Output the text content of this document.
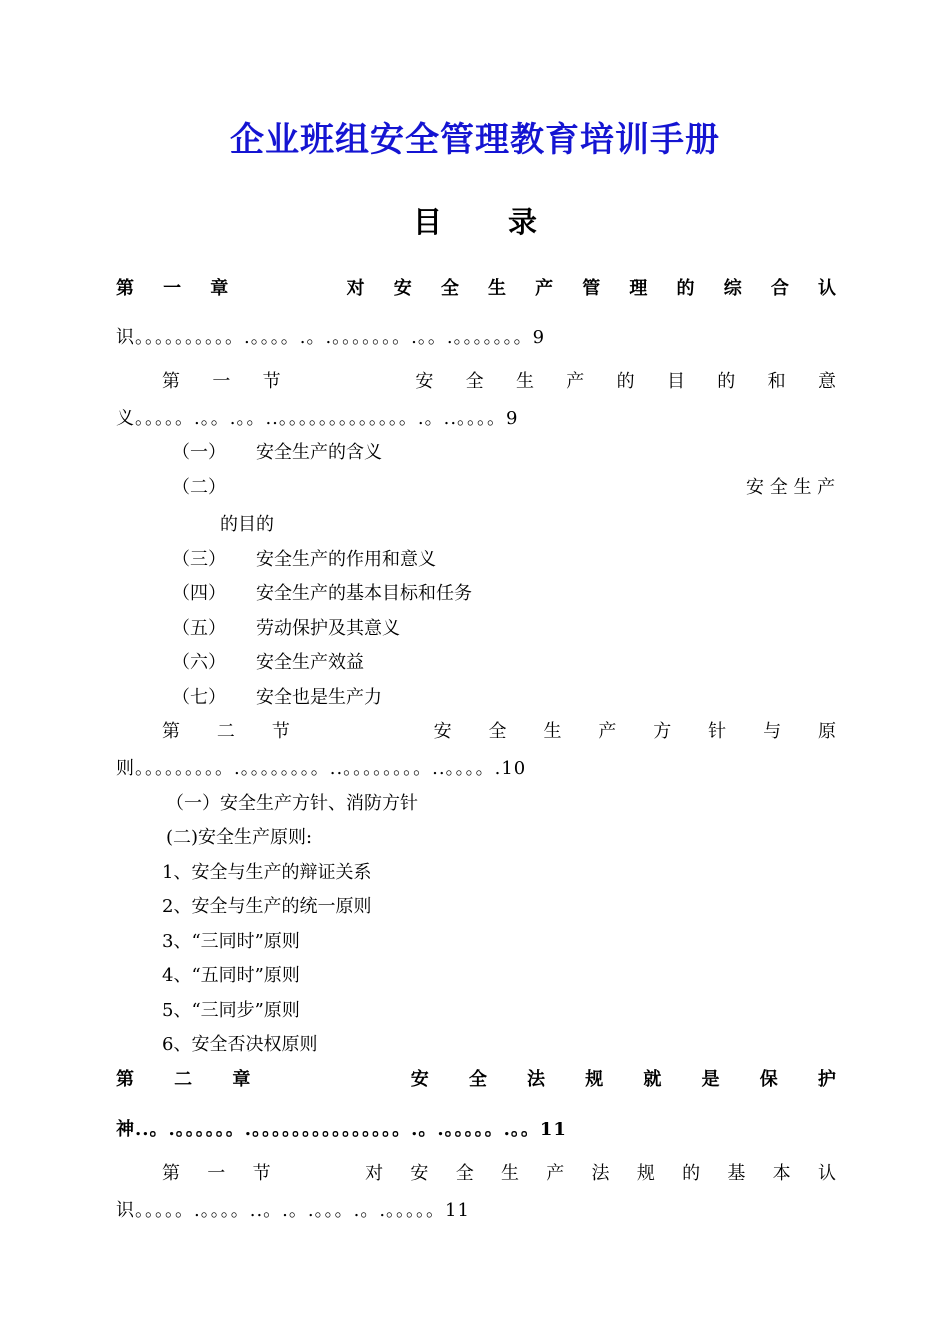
企业班组安全管理教育培训手册
目 录
第 一 章	对 安 全 生 产 管 理 的 综 合 认
识。。。。。。。。。。.。。。。.。.。。。。。。。.。。.。。。。。。。9
第 一 节	安 全 生 产 的 目 的 和 意
义。。。。。.。。.。。..。。。。。。。。。。。。。.。..。。。。9
（一） 安全生产的含义
（二）	安 全 生 产
的目的
（三） 安全生产的作用和意义
（四） 安全生产的基本目标和任务
（五） 劳动保护及其意义
（六） 安全生产效益
（七） 安全也是生产力
第 二 节	安 全 生 产 方 针 与 原
则。。。。。。。。。.。。。。。。。。..。。。。。。。。..。。。。.10
（一）安全生产方针、消防方针
(二)安全生产原则:
1、安全与生产的辩证关系
2、安全与生产的统一原则
3、“三同时”原则
4、“五同时”原则
5、“三同步”原则
6、安全否决权原则
第 二 章	安 全 法 规 就 是 保 护
神..。.。。。。。。.。。。。。。。。。。。。。。。.。.。。。。。.。。11
第 一 节	对 安 全 生 产 法 规 的 基 本 认
识。。。。。.。。。。..。.。.。。。.。.。。。。。11
